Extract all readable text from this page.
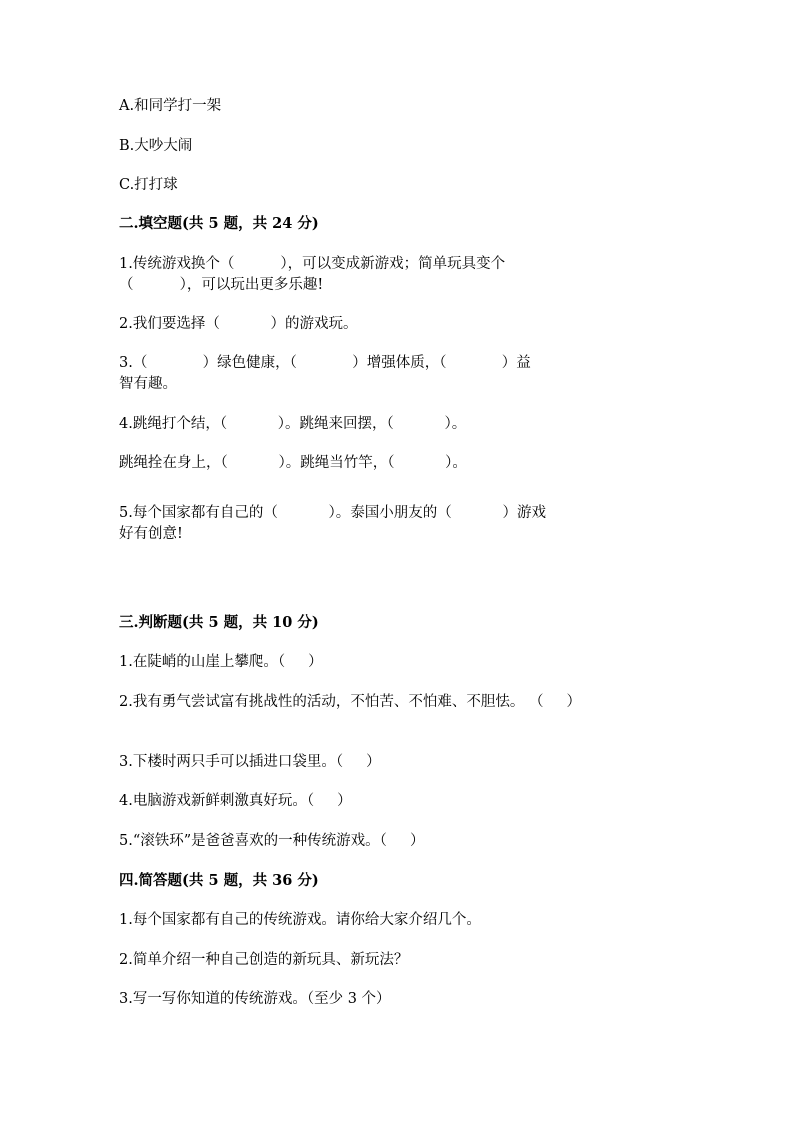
A.和同学打一架
B.大吵大闹
C.打打球
二.填空题(共 5 题，共 24 分)
1.传统游戏换个（          ），可以变成新游戏；简单玩具变个
（          ），可以玩出更多乐趣!
2.我们要选择（           ）的游戏玩。
3.（            ）绿色健康，（            ）增强体质，（            ）益
智有趣。
4.跳绳打个结，（           ）。跳绳来回摆，（           ）。
跳绳拴在身上，（           ）。跳绳当竹竿，（           ）。
5.每个国家都有自己的（           ）。泰国小朋友的（           ）游戏
好有创意!
三.判断题(共 5 题，共 10 分)
1.在陡峭的山崖上攀爬。（     ）
2.我有勇气尝试富有挑战性的活动，不怕苦、不怕难、不胆怯。 （     ）
3.下楼时两只手可以插进口袋里。（     ）
4.电脑游戏新鲜刺激真好玩。（     ）
5.“滚铁环”是爸爸喜欢的一种传统游戏。（     ）
四.简答题(共 5 题，共 36 分)
1.每个国家都有自己的传统游戏。请你给大家介绍几个。
2.简单介绍一种自己创造的新玩具、新玩法？
3.写一写你知道的传统游戏。（至少 3 个）
